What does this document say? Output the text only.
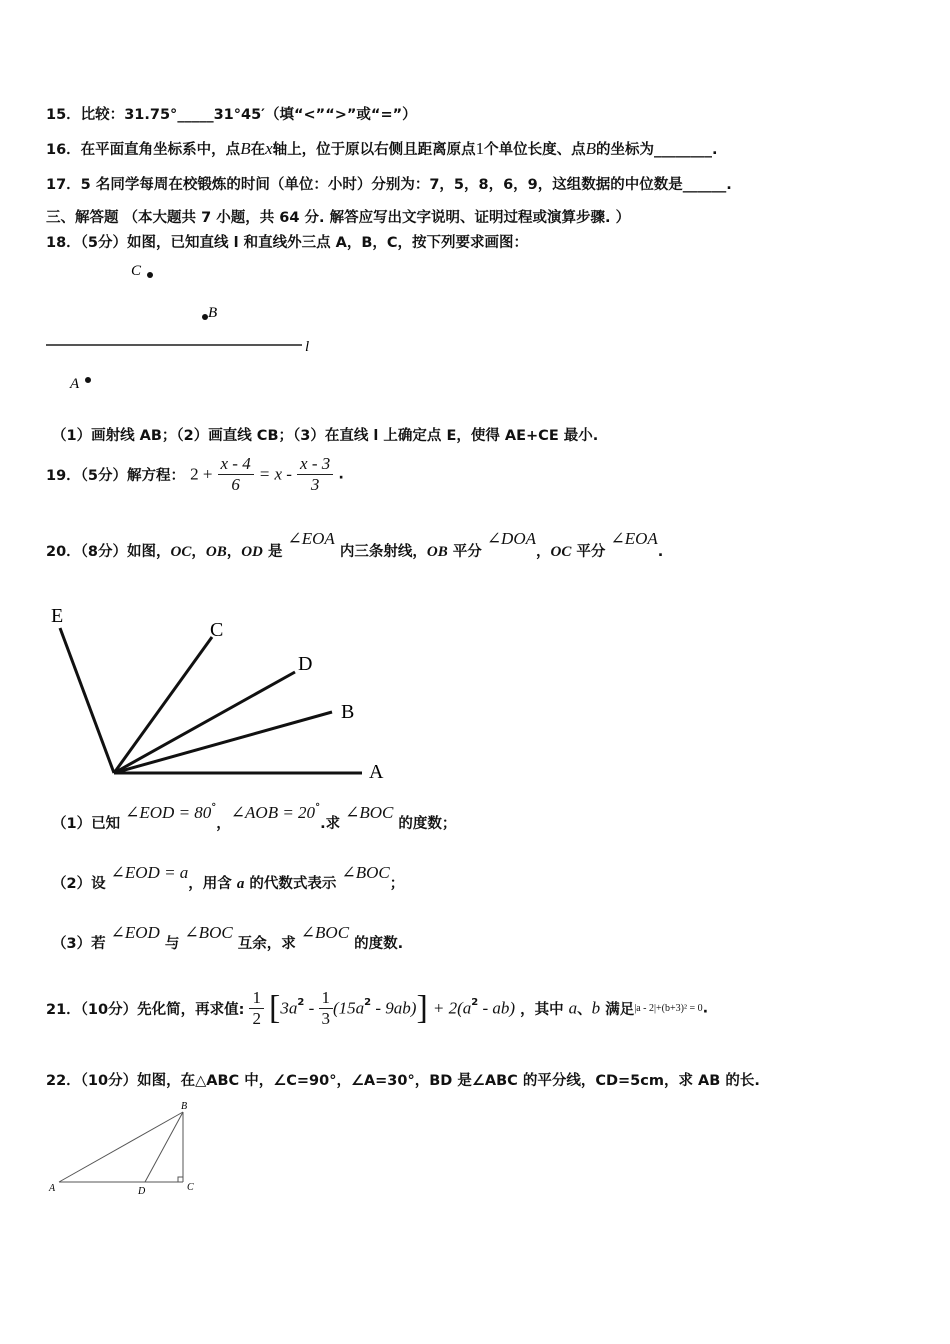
15．比较：31.75°_____31°45′（填“<”“>”或“=”）
16．在平面直角坐标系中，点B在x轴上，位于原以右侧且距离原点1个单位长度、点B的坐标为________.
17．5 名同学每周在校锻炼的时间（单位：小时）分别为：7，5，8，6，9，这组数据的中位数是______.
三、解答题 （本大题共 7 小题，共 64 分. 解答应写出文字说明、证明过程或演算步骤. ）
18．（5分）如图，已知直线 l 和直线外三点 A，B，C，按下列要求画图：
C
B
l
A
（1）画射线 AB；（2）画直线 CB；（3）在直线 l 上确定点 E，使得 AE+CE 最小.
19．（5分）解方程： $2 + \frac{x - 4}{6} = x - \frac{x - 3}{3}$ .
20．（8分）如图，OC，OB，OD 是 ∠EOA 内三条射线，OB 平分 ∠DOA，OC 平分 ∠EOA.
E
C
D
B
A
（1）已知 ∠EOD = 80°，∠AOB = 20°.求 ∠BOC 的度数；
（2）设 ∠EOD = a，用含 a 的代数式表示 ∠BOC；
（3）若 ∠EOD 与 ∠BOC 互余，求 ∠BOC 的度数.
21．（10分）先化简，再求值: $\frac{1}{2} [3a^2 - \frac{1}{3} (15a^2 - 9ab)] + 2(a^2 - ab)$ ，其中 a、b 满足|a - 2|+(b+3)² = 0.
22．（10分）如图，在△ABC 中，∠C=90°，∠A=30°，BD 是∠ABC 的平分线，CD=5cm，求 AB 的长.
B
A	D	C
